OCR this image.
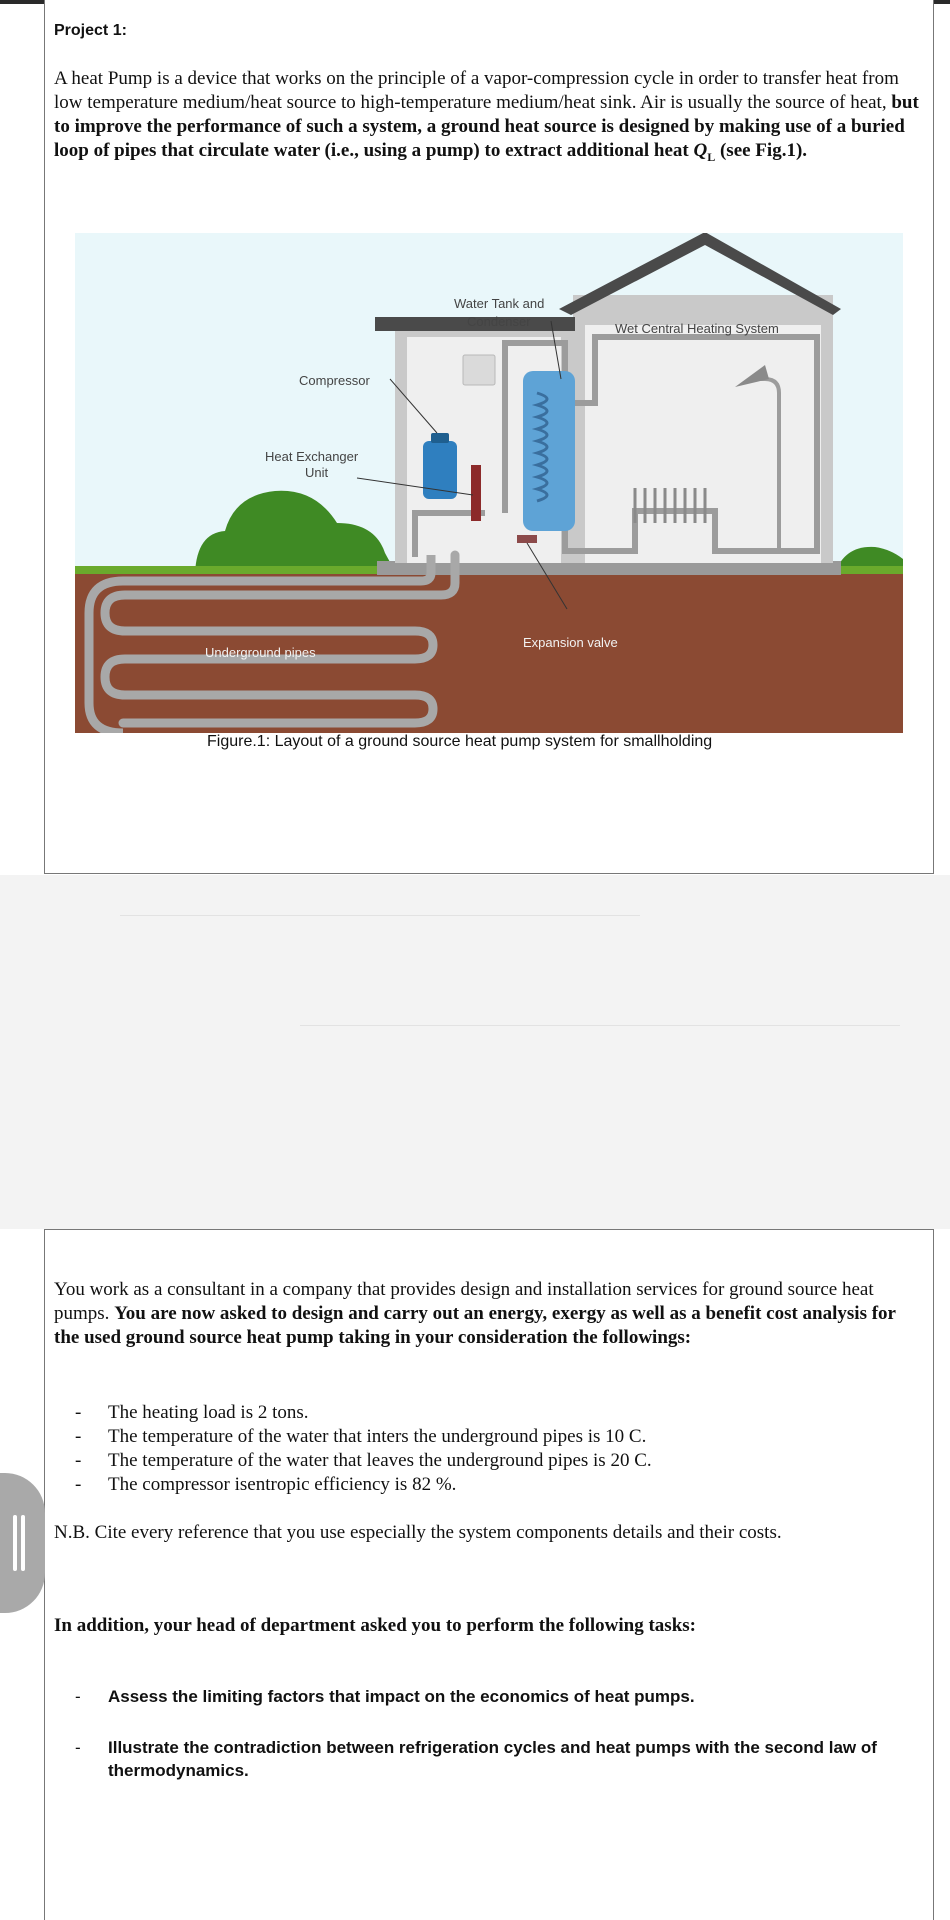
Project 1:

A heat Pump is a device that works on the principle of a vapor-compression cycle in order to transfer heat from low temperature medium/heat source to high-temperature medium/heat sink. Air is usually the source of heat, but to improve the performance of such a system, a ground heat source is designed by making use of a buried loop of pipes that circulate water (i.e., using a pump) to extract additional heat $Q_L$ (see Fig.1).

Water Tank and
Condenser	Wet Central Heating System
Compressor
Heat Exchanger
Unit
Underground pipes
Expansion valve
Figure.1: Layout of a ground source heat pump system for smallholding

You work as a consultant in a company that provides design and installation services for ground source heat pumps. You are now asked to design and carry out an energy, exergy as well as a benefit cost analysis for the used ground source heat pump taking in your consideration the followings:

- The heating load is 2 tons.
- The temperature of the water that inters the underground pipes is 10 C.
- The temperature of the water that leaves the underground pipes is 20 C.
- The compressor isentropic efficiency is 82 %.

N.B. Cite every reference that you use especially the system components details and their costs.

In addition, your head of department asked you to perform the following tasks:

- Assess the limiting factors that impact on the economics of heat pumps.
- Illustrate the contradiction between refrigeration cycles and heat pumps with the second law of thermodynamics.
